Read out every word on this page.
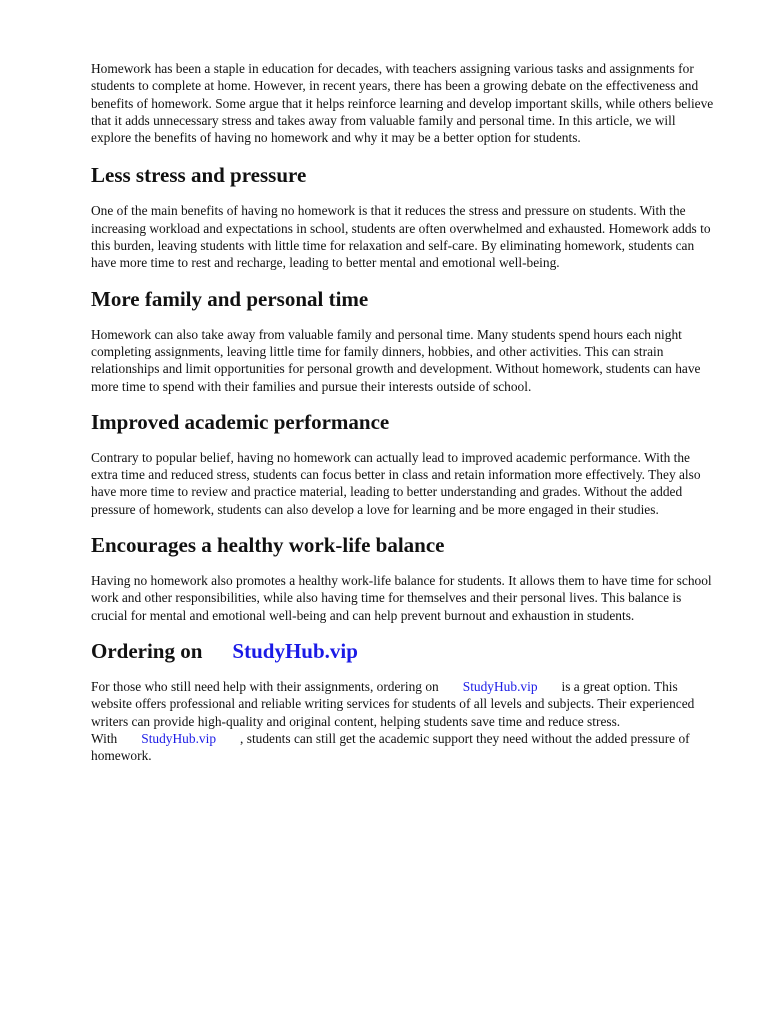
Homework has been a staple in education for decades, with teachers assigning various tasks and assignments for students to complete at home. However, in recent years, there has been a growing debate on the effectiveness and benefits of homework. Some argue that it helps reinforce learning and develop important skills, while others believe that it adds unnecessary stress and takes away from valuable family and personal time. In this article, we will explore the benefits of having no homework and why it may be a better option for students.

Less stress and pressure

One of the main benefits of having no homework is that it reduces the stress and pressure on students. With the increasing workload and expectations in school, students are often overwhelmed and exhausted. Homework adds to this burden, leaving students with little time for relaxation and self-care. By eliminating homework, students can have more time to rest and recharge, leading to better mental and emotional well-being.

More family and personal time

Homework can also take away from valuable family and personal time. Many students spend hours each night completing assignments, leaving little time for family dinners, hobbies, and other activities. This can strain relationships and limit opportunities for personal growth and development. Without homework, students can have more time to spend with their families and pursue their interests outside of school.

Improved academic performance

Contrary to popular belief, having no homework can actually lead to improved academic performance. With the extra time and reduced stress, students can focus better in class and retain information more effectively. They also have more time to review and practice material, leading to better understanding and grades. Without the added pressure of homework, students can also develop a love for learning and be more engaged in their studies.

Encourages a healthy work-life balance

Having no homework also promotes a healthy work-life balance for students. It allows them to have time for school work and other responsibilities, while also having time for themselves and their personal lives. This balance is crucial for mental and emotional well-being and can help prevent burnout and exhaustion in students.

Ordering on StudyHub.vip

For those who still need help with their assignments, ordering on StudyHub.vip is a great option. This website offers professional and reliable writing services for students of all levels and subjects. Their experienced writers can provide high-quality and original content, helping students save time and reduce stress. With StudyHub.vip , students can still get the academic support they need without the added pressure of homework.
